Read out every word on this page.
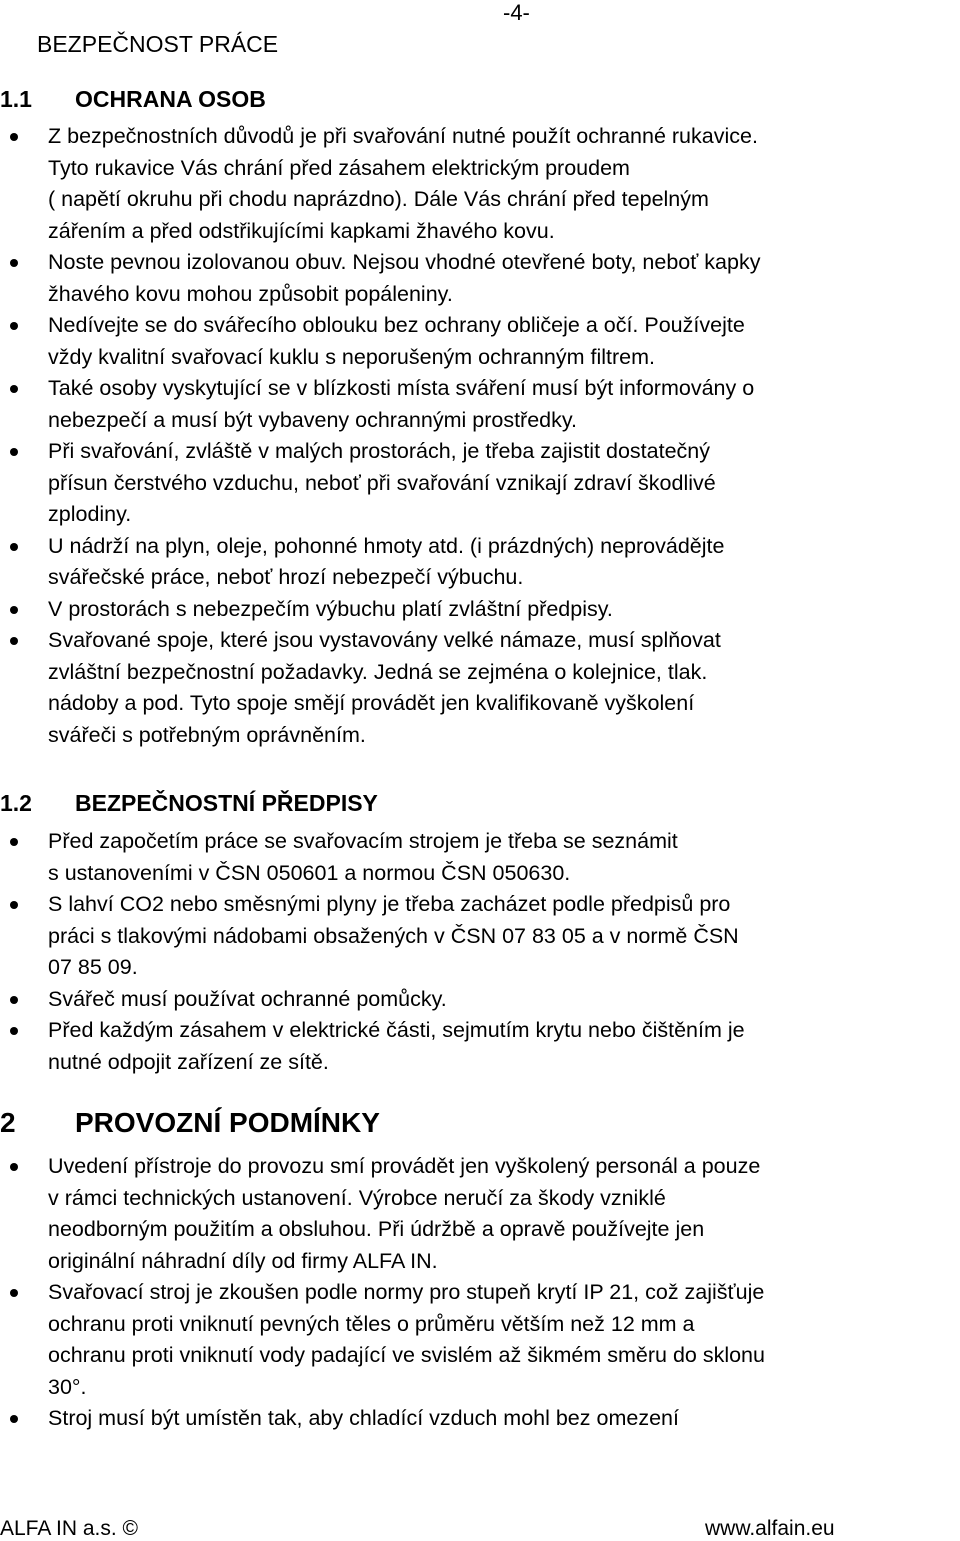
-4-
BEZPEČNOST PRÁCE
1.1	OCHRANA OSOB
Z bezpečnostních důvodů je při svařování nutné použít ochranné rukavice.
Tyto rukavice Vás chrání před zásahem elektrickým proudem
( napětí okruhu při chodu naprázdno). Dále Vás chrání před tepelným
zářením a před odstřikujícími kapkami žhavého kovu.
Noste pevnou izolovanou obuv. Nejsou vhodné otevřené boty, neboť kapky
žhavého kovu mohou způsobit popáleniny.
Nedívejte se do svářecího oblouku bez ochrany obličeje a očí. Používejte
vždy kvalitní svařovací kuklu s neporušeným ochranným filtrem.
Také osoby vyskytující se v blízkosti místa sváření musí být informovány o
nebezpečí a musí být vybaveny ochrannými prostředky.
Při svařování, zvláště v malých prostorách, je třeba zajistit dostatečný
přísun čerstvého vzduchu, neboť při svařování vznikají zdraví škodlivé
zplodiny.
U nádrží na plyn, oleje, pohonné hmoty atd. (i prázdných) neprovádějte
svářečské práce, neboť hrozí nebezpečí výbuchu.
V prostorách s nebezpečím výbuchu platí zvláštní předpisy.
Svařované spoje, které jsou vystavovány velké námaze, musí splňovat
zvláštní bezpečnostní požadavky. Jedná se zejména o kolejnice, tlak.
nádoby a pod. Tyto spoje smějí provádět jen kvalifikovaně vyškolení
svářeči s potřebným oprávněním.
1.2	BEZPEČNOSTNÍ PŘEDPISY
Před započetím práce se svařovacím strojem je třeba se seznámit
s ustanoveními v ČSN 050601 a normou ČSN 050630.
S lahví CO2 nebo směsnými plyny je třeba zacházet podle předpisů pro
práci s tlakovými nádobami obsažených v ČSN 07 83 05 a v normě ČSN
07 85 09.
Svářeč musí používat ochranné pomůcky.
Před každým zásahem v elektrické části, sejmutím krytu nebo čištěním je
nutné odpojit zařízení ze sítě.
2	PROVOZNÍ PODMÍNKY
Uvedení přístroje do provozu smí provádět jen vyškolený personál a pouze
v rámci technických ustanovení. Výrobce neručí za škody vzniklé
neodborným použitím a obsluhou. Při údržbě a opravě používejte jen
originální náhradní díly od firmy ALFA IN.
Svařovací stroj je zkoušen podle normy pro stupeň krytí IP 21, což zajišťuje
ochranu proti vniknutí pevných těles o průměru větším než 12 mm a
ochranu proti vniknutí vody padající ve svislém až šikmém směru do sklonu
30°.
Stroj musí být umístěn tak, aby chladící vzduch mohl bez omezení
ALFA IN a.s. ©	www.alfain.eu
